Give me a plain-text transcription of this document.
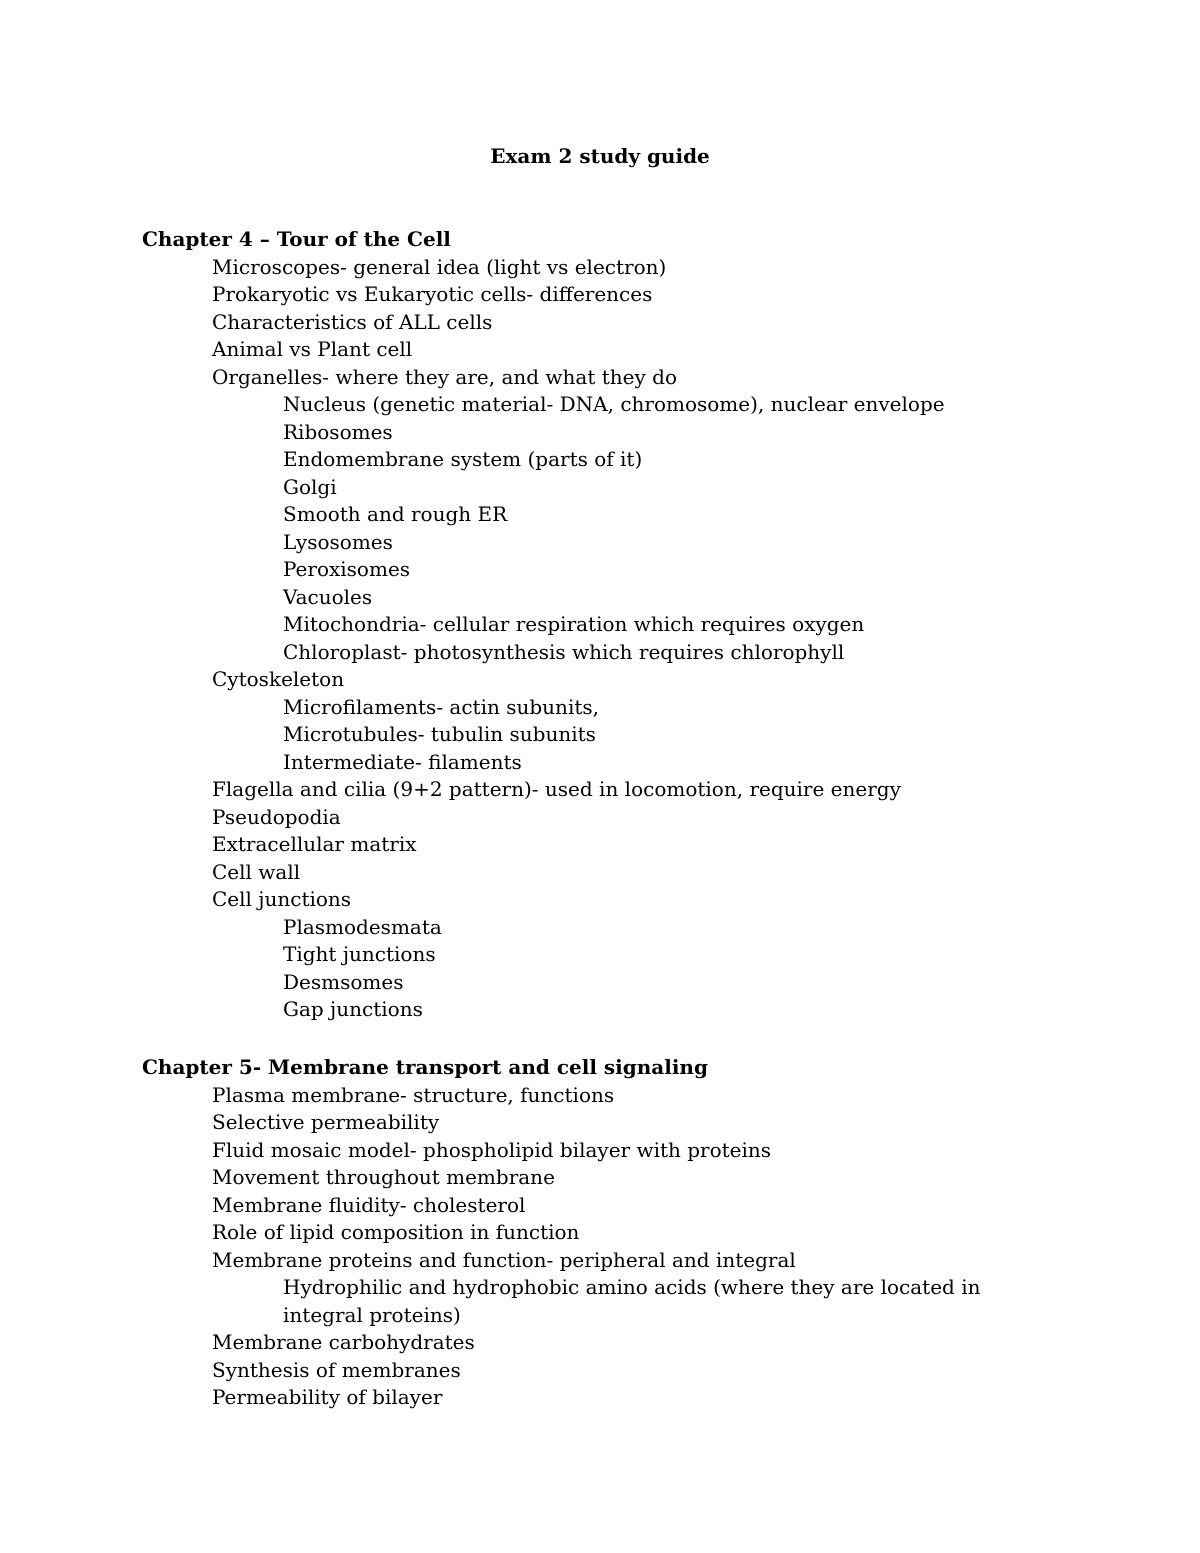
Exam 2 study guide
Chapter 4 – Tour of the Cell
Microscopes- general idea (light vs electron)
Prokaryotic vs Eukaryotic cells- differences
Characteristics of ALL cells
Animal vs Plant cell
Organelles- where they are, and what they do
Nucleus (genetic material- DNA, chromosome), nuclear envelope
Ribosomes
Endomembrane system (parts of it)
Golgi
Smooth and rough ER
Lysosomes
Peroxisomes
Vacuoles
Mitochondria- cellular respiration which requires oxygen
Chloroplast- photosynthesis which requires chlorophyll
Cytoskeleton
Microfilaments- actin subunits,
Microtubules- tubulin subunits
Intermediate- filaments
Flagella and cilia (9+2 pattern)- used in locomotion, require energy
Pseudopodia
Extracellular matrix
Cell wall
Cell junctions
Plasmodesmata
Tight junctions
Desmsomes
Gap junctions
Chapter 5- Membrane transport and cell signaling
Plasma membrane- structure, functions
Selective permeability
Fluid mosaic model- phospholipid bilayer with proteins
Movement throughout membrane
Membrane fluidity- cholesterol
Role of lipid composition in function
Membrane proteins and function- peripheral and integral
Hydrophilic and hydrophobic amino acids (where they are located in integral proteins)
Membrane carbohydrates
Synthesis of membranes
Permeability of bilayer
